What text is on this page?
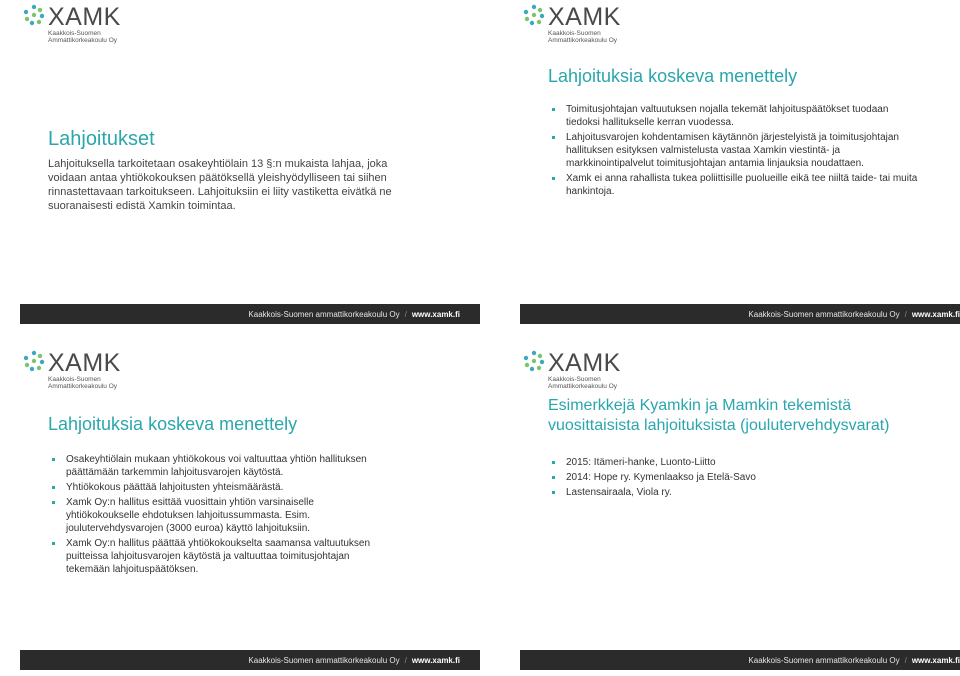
XAMK
Kaakkois-Suomen
Ammattikorkeakoulu Oy
Lahjoitukset

Lahjoituksella tarkoitetaan osakeyhtiölain 13 §:n mukaista lahjaa, joka voidaan antaa yhtiökokouksen päätöksellä yleishyödylliseen tai siihen rinnastettavaan tarkoitukseen. Lahjoituksiin ei liity vastiketta eivätkä ne suoranaisesti edistä Xamkin toimintaa.

Kaakkois-Suomen ammattikorkeakoulu Oy / www.xamk.fi
XAMK
Kaakkois-Suomen
Ammattikorkeakoulu Oy
Lahjoituksia koskeva menettely
Toimitusjohtajan valtuutuksen nojalla tekemät lahjoituspäätökset tuodaan tiedoksi hallitukselle kerran vuodessa.
Lahjoitusvarojen kohdentamisen käytännön järjestelyistä ja toimitusjohtajan hallituksen esityksen valmistelusta vastaa Xamkin viestintä- ja markkinointipalvelut toimitusjohtajan antamia linjauksia noudattaen.
Xamk ei anna rahallista tukea poliittisille puolueille eikä tee niiltä taide- tai muita hankintoja.
Kaakkois-Suomen ammattikorkeakoulu Oy / www.xamk.fi
XAMK
Kaakkois-Suomen
Ammattikorkeakoulu Oy
Lahjoituksia koskeva menettely
Osakeyhtiölain mukaan yhtiökokous voi valtuuttaa yhtiön hallituksen päättämään tarkemmin lahjoitusvarojen käytöstä.
Yhtiökokous päättää lahjoitusten yhteismäärästä.
Xamk Oy:n hallitus esittää vuosittain yhtiön varsinaiselle yhtiökokoukselle ehdotuksen lahjoitussummasta. Esim. joulutervehdysvarojen (3000 euroa) käyttö lahjoituksiin.
Xamk Oy:n hallitus päättää yhtiökokoukselta saamansa valtuutuksen puitteissa lahjoitusvarojen käytöstä ja valtuuttaa toimitusjohtajan tekemään lahjoituspäätöksen.
Kaakkois-Suomen ammattikorkeakoulu Oy / www.xamk.fi
XAMK
Kaakkois-Suomen
Ammattikorkeakoulu Oy
Esimerkkejä Kyamkin ja Mamkin tekemistä vuosittaisista lahjoituksista (joulutervehdysvarat)
2015: Itämeri-hanke, Luonto-Liitto
2014: Hope ry. Kymenlaakso ja Etelä-Savo
Lastensairaala, Viola ry.
Kaakkois-Suomen ammattikorkeakoulu Oy / www.xamk.fi
